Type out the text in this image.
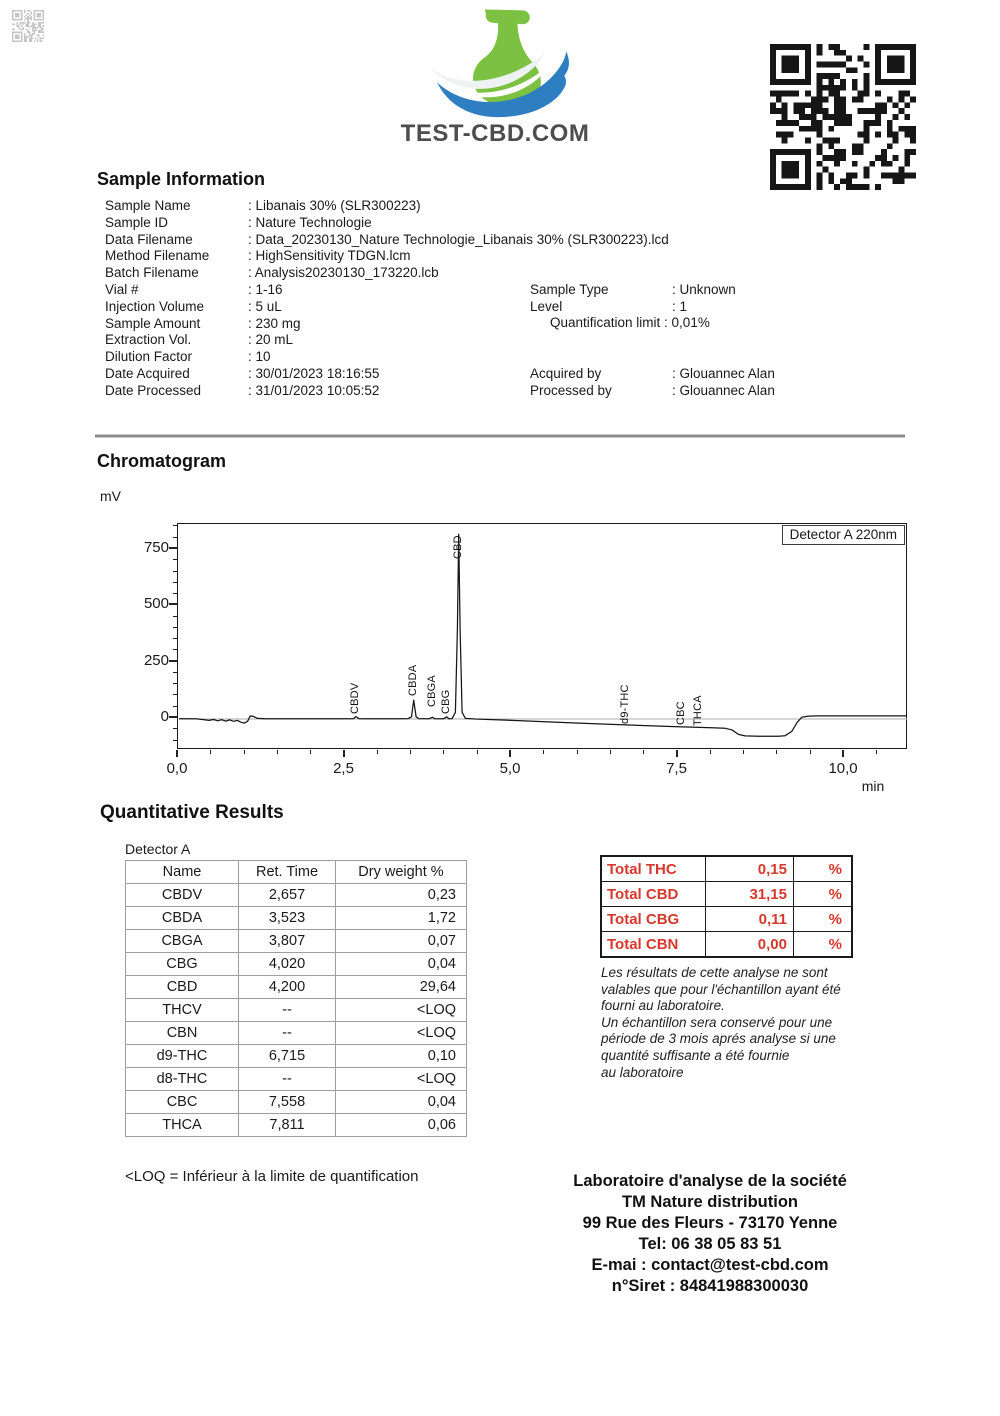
TEST-CBD.COM
Sample Information
Sample Name	: Libanais 30% (SLR300223)
Sample ID	: Nature Technologie
Data Filename	: Data_20230130_Nature Technologie_Libanais 30% (SLR300223).lcd
Method Filename	: HighSensitivity TDGN.lcm
Batch Filename	: Analysis20230130_173220.lcb
Vial #	: 1-16
Injection Volume	: 5 uL
Sample Amount	: 230 mg
Extraction Vol.	: 20 mL
Dilution Factor	: 10
Date Acquired	: 30/01/2023 18:16:55
Date Processed	: 31/01/2023 10:05:52
Sample Type	: Unknown
Level	: 1
Quantification limit : 0,01%
Acquired by	: Glouannec Alan
Processed by	: Glouannec Alan
Chromatogram
mV
Detector A 220nm
min
0
250
500
750
0,0	2,5	5,0	7,5	10,0
CBDV
CBDA CBGA CBG
CBD
d9-THC	CBC THCA
Quantitative Results
Detector A
Name	Ret. Time	Dry weight %
CBDV	2,657	0,23
CBDA	3,523	1,72
CBGA	3,807	0,07
CBG	4,020	0,04
CBD	4,200	29,64
THCV	--	<LOQ
CBN	--	<LOQ
d9-THC	6,715	0,10
d8-THC	--	<LOQ
CBC	7,558	0,04
THCA	7,811	0,06
Total THC	0,15	%
Total CBD	31,15	%
Total CBG	0,11	%
Total CBN	0,00	%
Les résultats de cette analyse ne sont
valables que pour l'échantillon ayant été
fourni au laboratoire.
Un échantillon sera conservé pour une
période de 3 mois aprés analyse si une
quantité suffisante a été fournie
au laboratoire
<LOQ = Inférieur à la limite de quantification	Laboratoire d'analyse de la société
TM Nature distribution
99 Rue des Fleurs - 73170 Yenne
Tel: 06 38 05 83 51
E-mai : contact@test-cbd.com
n°Siret : 84841988300030
